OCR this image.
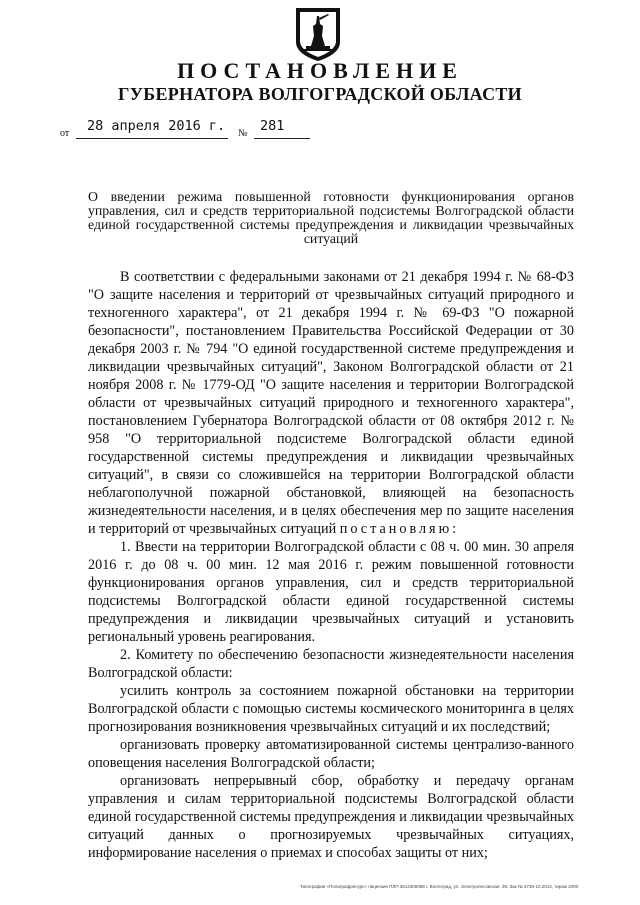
ПОСТАНОВЛЕНИЕ
ГУБЕРНАТОРА ВОЛГОГРАДСКОЙ ОБЛАСТИ
от 28 апреля 2016 г. № 281
О введении режима повышенной готовности функционирования органов управления, сил и средств территориальной подсистемы Волгоградской области единой государственной системы предупреждения и ликвидации чрезвычайных ситуаций

В соответствии с федеральными законами от 21 декабря 1994 г. № 68-ФЗ "О защите населения и территорий от чрезвычайных ситуаций природного и техногенного характера", от 21 декабря 1994 г. № 69-ФЗ "О пожарной безопасности", постановлением Правительства Российской Федерации от 30 декабря 2003 г. № 794 "О единой государственной системе предупреждения и ликвидации чрезвычайных ситуаций", Законом Волгоградской области от 21 ноября 2008 г. № 1779-ОД "О защите населения и территории Волгоградской области от чрезвычайных ситуаций природного и техногенного характера", постановлением Губернатора Волгоградской области от 08 октября 2012 г. № 958 "О территориальной подсистеме Волгоградской области единой государственной системы предупреждения и ликвидации чрезвычайных ситуаций", в связи со сложившейся на территории Волгоградской области неблагополучной пожарной обстановкой, влияющей на безопасность жизнедеятельности населения, и в целях обеспечения мер по защите населения и территорий от чрезвычайных ситуаций постановляю:

1. Ввести на территории Волгоградской области с 08 ч. 00 мин. 30 апреля 2016 г. до 08 ч. 00 мин. 12 мая 2016 г. режим повышенной готовности функционирования органов управления, сил и средств территориальной подсистемы Волгоградской области единой государственной системы предупреждения и ликвидации чрезвычайных ситуаций и установить региональный уровень реагирования.

2. Комитету по обеспечению безопасности жизнедеятельности населения Волгоградской области:

усилить контроль за состоянием пожарной обстановки на территории Волгоградской области с помощью системы космического мониторинга в целях прогнозирования возникновения чрезвычайных ситуаций и их последствий;

организовать проверку автоматизированной системы централизо-ванного оповещения населения Волгоградской области;

организовать непрерывный сбор, обработку и передачу органам управления и силам территориальной подсистемы Волгоградской области единой государственной системы предупреждения и ликвидации чрезвычайных ситуаций данных о прогнозируемых чрезвычайных ситуациях, информирование населения о приемах и способах защиты от них;

Типография «Полиграфресурс» лицензия ПЛП 3614400088 г. Волгоград, ул. Электролесовская, 39, Зак № 5736-10.2014, тираж 2000
